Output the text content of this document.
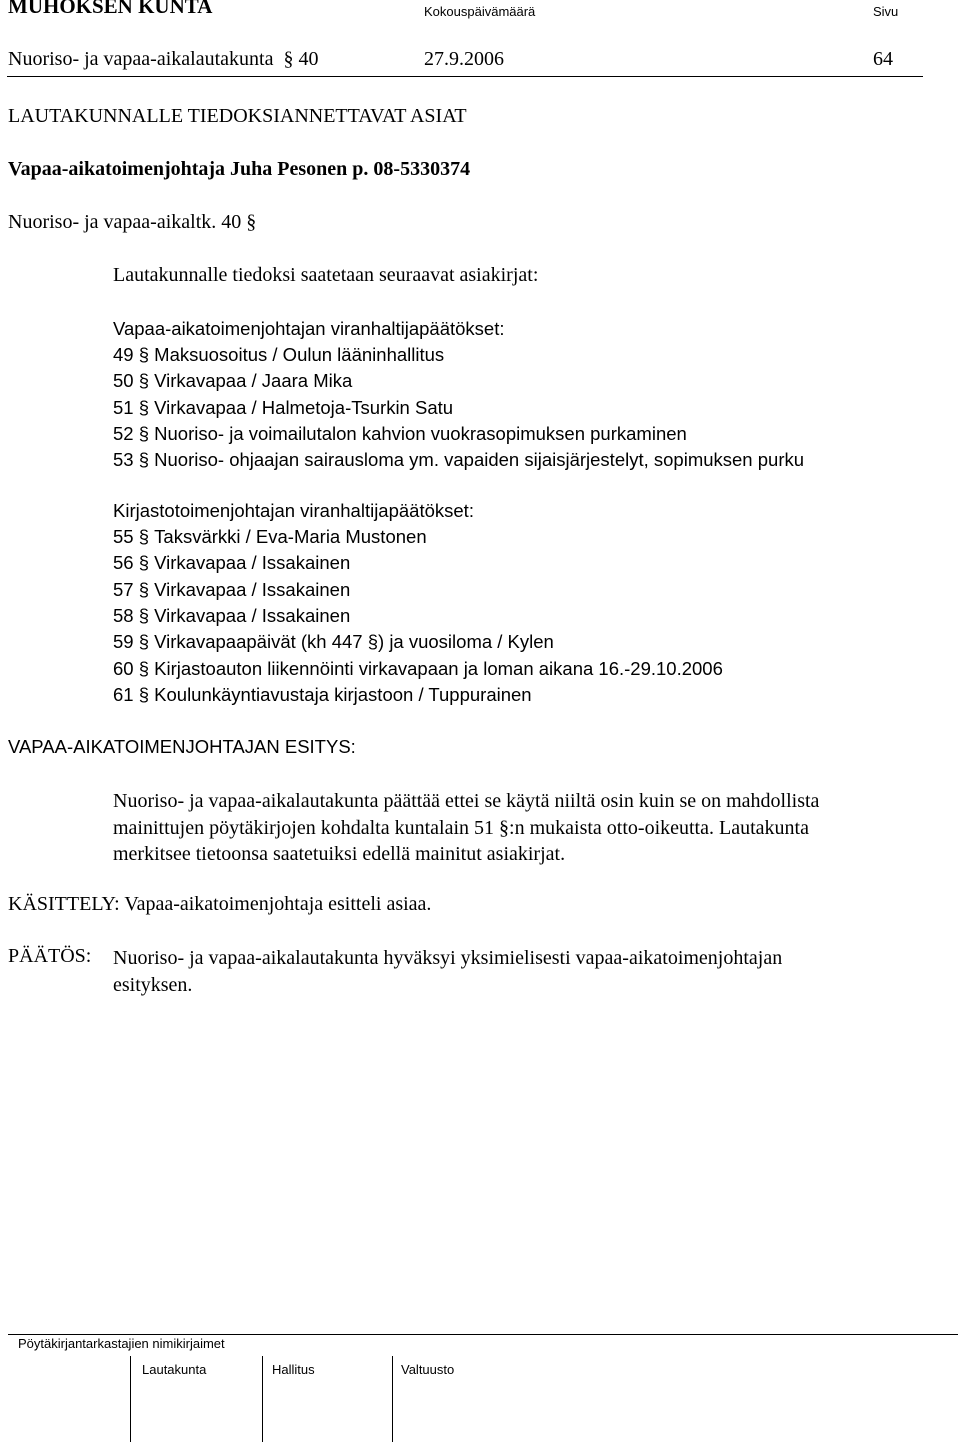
MUHOKSEN KUNTA	Kokouspäivämäärä	Sivu
Nuoriso- ja vapaa-aikalautakunta  § 40	27.9.2006	64
LAUTAKUNNALLE TIEDOKSIANNETTAVAT ASIAT
Vapaa-aikatoimenjohtaja Juha Pesonen p. 08-5330374
Nuoriso- ja vapaa-aikaltk. 40 §
Lautakunnalle tiedoksi saatetaan seuraavat asiakirjat:
Vapaa-aikatoimenjohtajan viranhaltijapäätökset:
49 § Maksuosoitus / Oulun lääninhallitus
50 § Virkavapaa / Jaara Mika
51 § Virkavapaa / Halmetoja-Tsurkin Satu
52 § Nuoriso- ja voimailutalon kahvion vuokrasopimuksen purkaminen
53 § Nuoriso- ohjaajan sairausloma ym. vapaiden sijaisjärjestelyt, sopimuksen purku
Kirjastotoimenjohtajan viranhaltijapäätökset:
55 § Taksvärkki / Eva-Maria Mustonen
56 § Virkavapaa / Issakainen
57 § Virkavapaa / Issakainen
58 § Virkavapaa / Issakainen
59 § Virkavapaapäivät (kh 447 §) ja vuosiloma / Kylen
60 § Kirjastoauton liikennöinti virkavapaan ja loman aikana 16.-29.10.2006
61 § Koulunkäyntiavustaja kirjastoon / Tuppurainen
VAPAA-AIKATOIMENJOHTAJAN ESITYS:
Nuoriso- ja vapaa-aikalautakunta päättää ettei se käytä niiltä osin kuin se on mahdollista
mainittujen pöytäkirjojen kohdalta kuntalain 51 §:n mukaista otto-oikeutta. Lautakunta
merkitsee tietoonsa saatetuiksi edellä mainitut asiakirjat.
KÄSITTELY: Vapaa-aikatoimenjohtaja esitteli asiaa.
PÄÄTÖS: Nuoriso- ja vapaa-aikalautakunta hyväksyi yksimielisesti vapaa-aikatoimenjohtajan
esityksen.
Pöytäkirjantarkastajien nimikirjaimet
Lautakunta	Hallitus	Valtuusto
